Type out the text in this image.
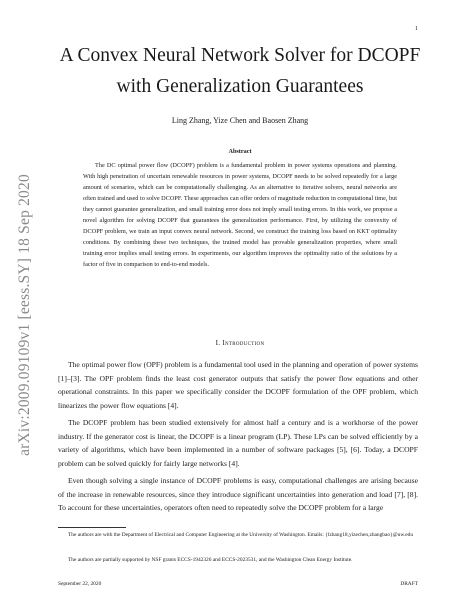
1
arXiv:2009.09109v1 [eess.SY] 18 Sep 2020
A Convex Neural Network Solver for DCOPF with Generalization Guarantees
Ling Zhang, Yize Chen and Baosen Zhang
Abstract

The DC optimal power flow (DCOPF) problem is a fundamental problem in power systems operations and planning. With high penetration of uncertain renewable resources in power systems, DCOPF needs to be solved repeatedly for a large amount of scenarios, which can be computationally challenging. As an alternative to iterative solvers, neural networks are often trained and used to solve DCOPF. These approaches can offer orders of magnitude reduction in computational time, but they cannot guarantee generalization, and small training error does not imply small testing errors. In this work, we propose a novel algorithm for solving DCOPF that guarantees the generalization performance. First, by utilizing the convexity of DCOPF problem, we train an input convex neural network. Second, we construct the training loss based on KKT optimality conditions. By combining these two techniques, the trained model has provable generalization properties, where small training error implies small testing errors. In experiments, our algorithm improves the optimality ratio of the solutions by a factor of five in comparison to end-to-end models.

I. Introduction

The optimal power flow (OPF) problem is a fundamental tool used in the planning and operation of power systems [1]–[3]. The OPF problem finds the least cost generator outputs that satisfy the power flow equations and other operational constraints. In this paper we specifically consider the DCOPF formulation of the OPF problem, which linearizes the power flow equations [4].

The DCOPF problem has been studied extensively for almost half a century and is a workhorse of the power industry. If the generator cost is linear, the DCOPF is a linear program (LP). These LPs can be solved efficiently by a variety of algorithms, which have been implemented in a number of software packages [5], [6]. Today, a DCOPF problem can be solved quickly for fairly large networks [4].

Even though solving a single instance of DCOPF problems is easy, computational challenges are arising because of the increase in renewable resources, since they introduce significant uncertainties into generation and load [7], [8]. To account for these uncertainties, operators often need to repeatedly solve the DCOPF problem for a large

The authors are with the Department of Electrical and Computer Engineering at the University of Washington. Emails: {lzhang18,yizechen,zhangbao}@uw.edu

The authors are partially supported by NSF grants ECCS-1942326 and ECCS-2023531, and the Washington Clean Energy Institute.

September 22, 2020	DRAFT
